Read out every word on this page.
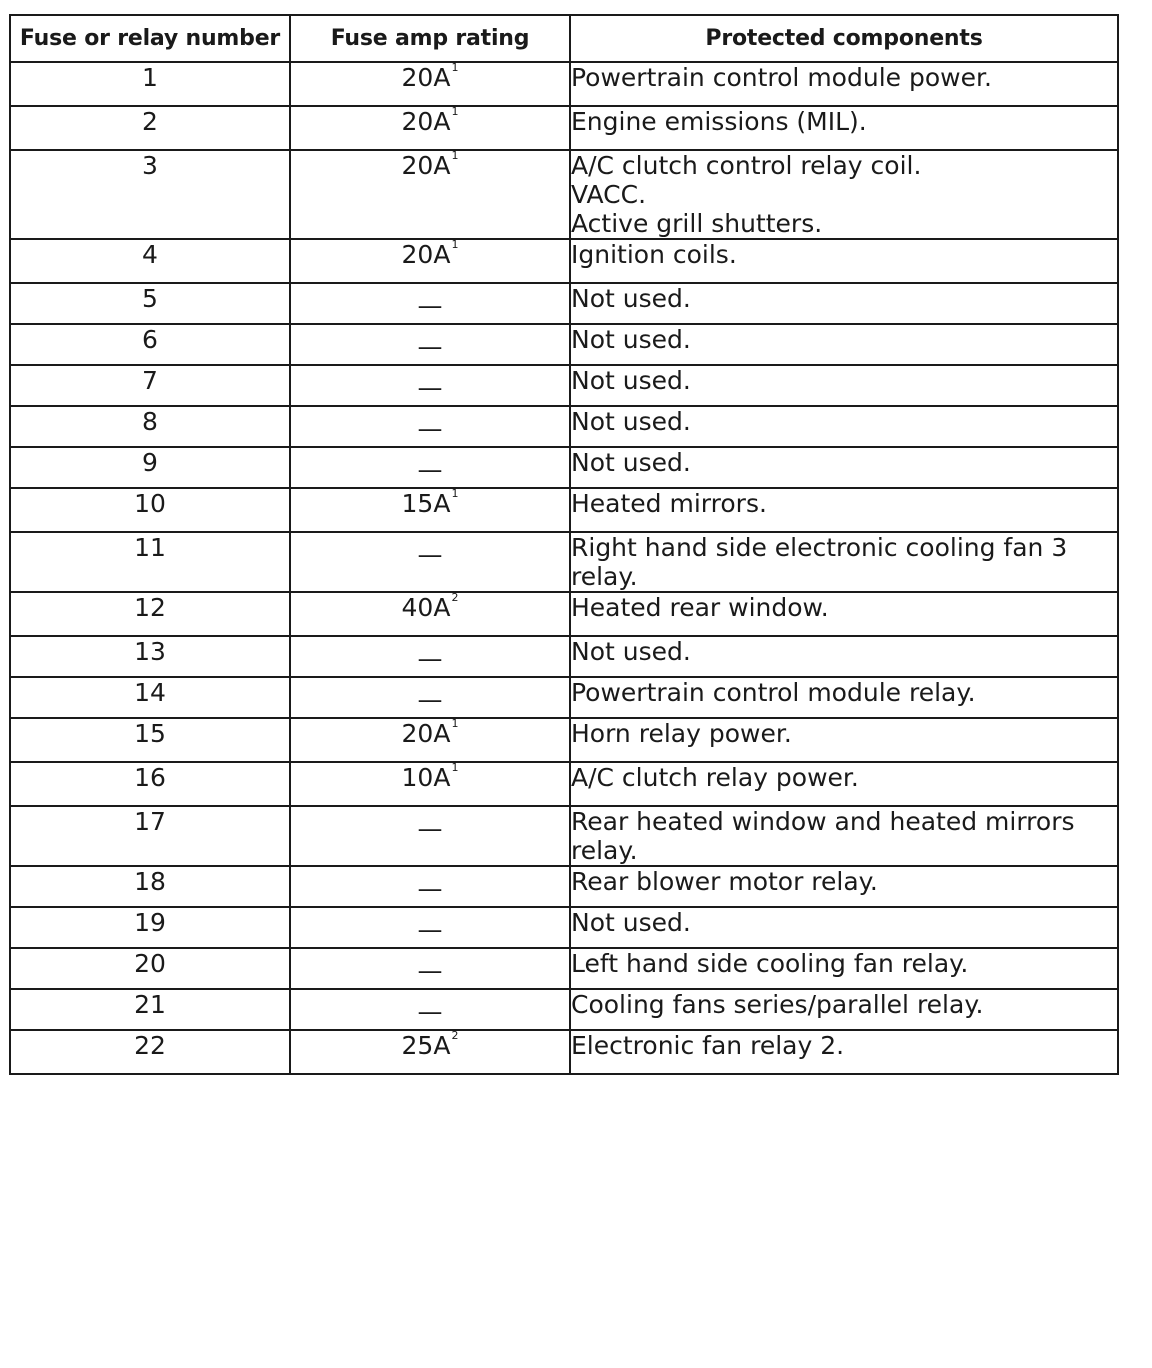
Fuse or relay number	Fuse amp rating	Protected components
1	$20A^1$	Powertrain control module power.

2	$20A^1$	Engine emissions (MIL).

3	$20A^1$	A/C clutch control relay coil.
VACC.
Active grill shutters.

4	$20A^1$	Ignition coils.

5	—	Not used.

6	—	Not used.

7	—	Not used.

8	—	Not used.

9	—	Not used.

10	$15A^1$	Heated mirrors.

11	—	Right hand side electronic cooling fan 3 relay.

12	$40A^2$	Heated rear window.

13	—	Not used.

14	—	Powertrain control module relay.

15	$20A^1$	Horn relay power.

16	$10A^1$	A/C clutch relay power.

17	—	Rear heated window and heated mirrors relay.

18	—	Rear blower motor relay.

19	—	Not used.

20	—	Left hand side cooling fan relay.

21	—	Cooling fans series/parallel relay.

22	$25A^2$	Electronic fan relay 2.
